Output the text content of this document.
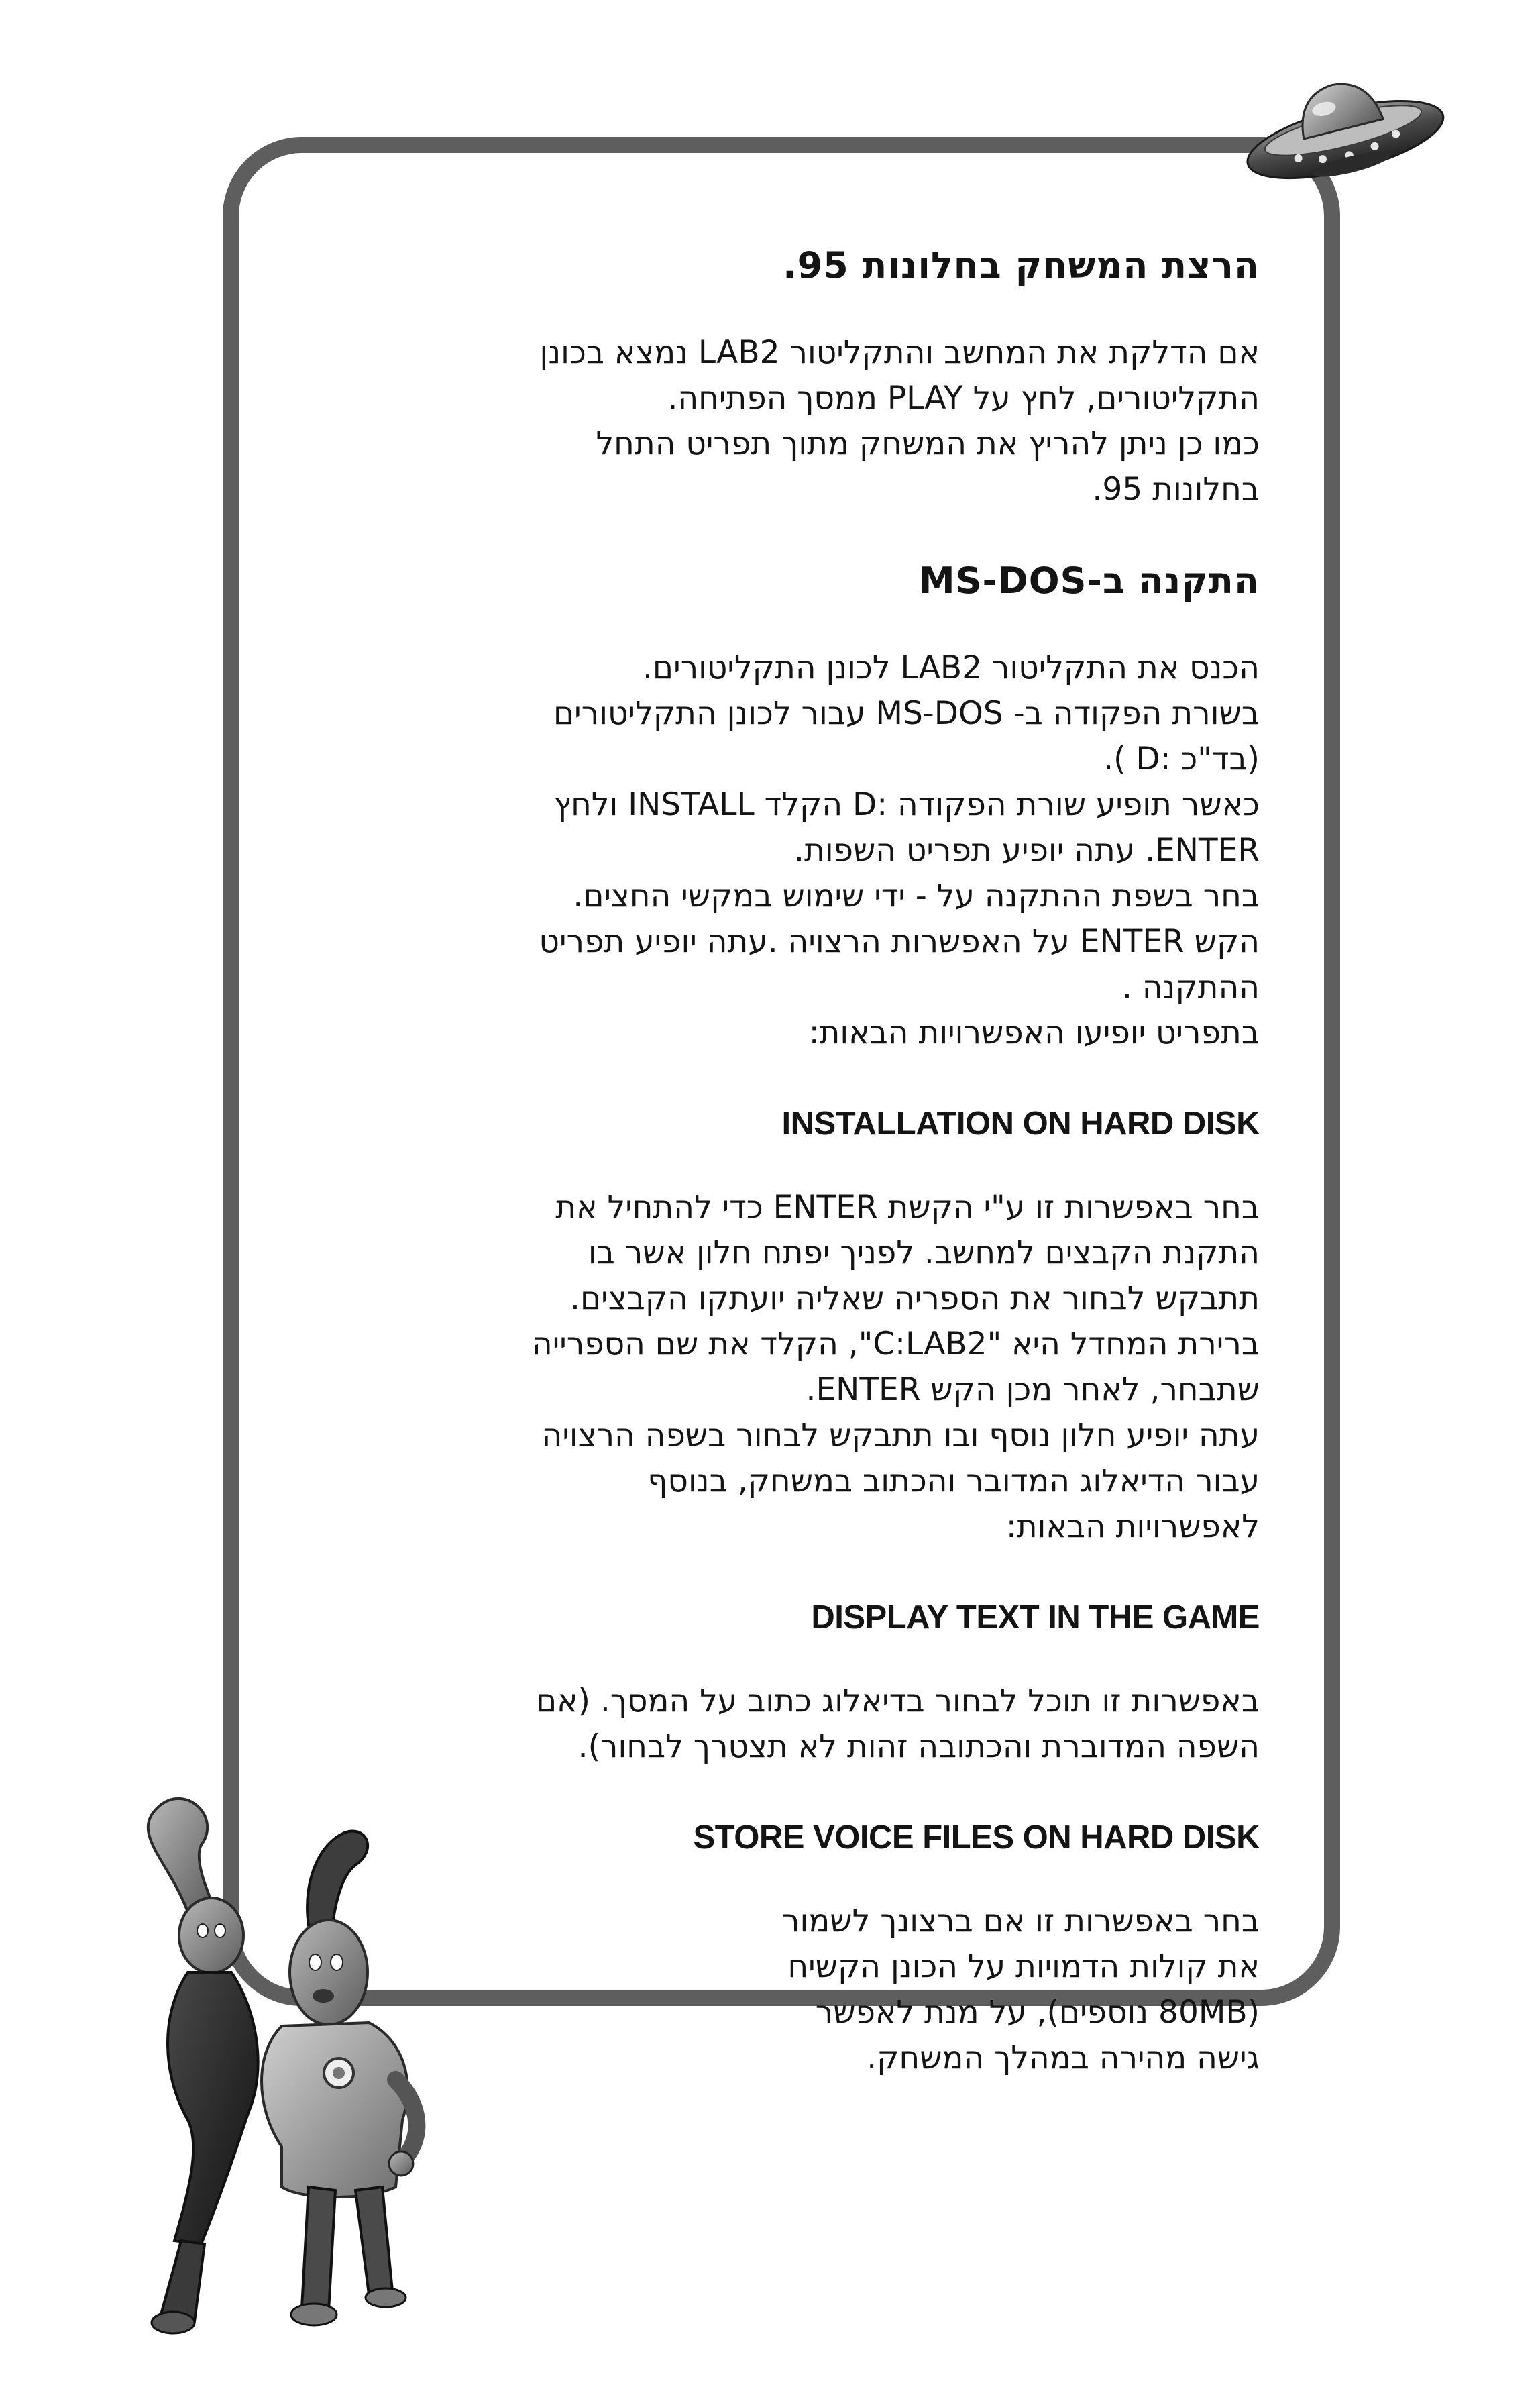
הרצת המשחק בחלונות 95.
אם הדלקת את המחשב והתקליטור LAB2 נמצא בכונן
התקליטורים, לחץ על PLAY ממסך הפתיחה.
כמו כן ניתן להריץ את המשחק מתוך תפריט התחל
בחלונות 95.
התקנה ב-MS-DOS
הכנס את התקליטור LAB2 לכונן התקליטורים.
בשורת הפקודה ב- MS-DOS עבור לכונן התקליטורים
(בד"כ :D ).
כאשר תופיע שורת הפקודה :D הקלד INSTALL ולחץ
ENTER. עתה יופיע תפריט השפות.
בחר בשפת ההתקנה על - ידי שימוש במקשי החצים.
הקש ENTER על האפשרות הרצויה .עתה יופיע תפריט
ההתקנה .
בתפריט יופיעו האפשרויות הבאות:
INSTALLATION ON HARD DISK
בחר באפשרות זו ע"י הקשת ENTER כדי להתחיל את
התקנת הקבצים למחשב. לפניך יפתח חלון אשר בו
תתבקש לבחור את הספריה שאליה יועתקו הקבצים.
ברירת המחדל היא "C:LAB2", הקלד את שם הספרייה
שתבחר, לאחר מכן הקש ENTER.
עתה יופיע חלון נוסף ובו תתבקש לבחור בשפה הרצויה
עבור הדיאלוג המדובר והכתוב במשחק, בנוסף
לאפשרויות הבאות:
DISPLAY TEXT IN THE GAME
באפשרות זו תוכל לבחור בדיאלוג כתוב על המסך. (אם
השפה המדוברת והכתובה זהות לא תצטרך לבחור).
STORE VOICE FILES ON HARD DISK
בחר באפשרות זו אם ברצונך לשמור
את קולות הדמויות על הכונן הקשיח
(80MB נוספים), על מנת לאפשר
גישה מהירה במהלך המשחק.
